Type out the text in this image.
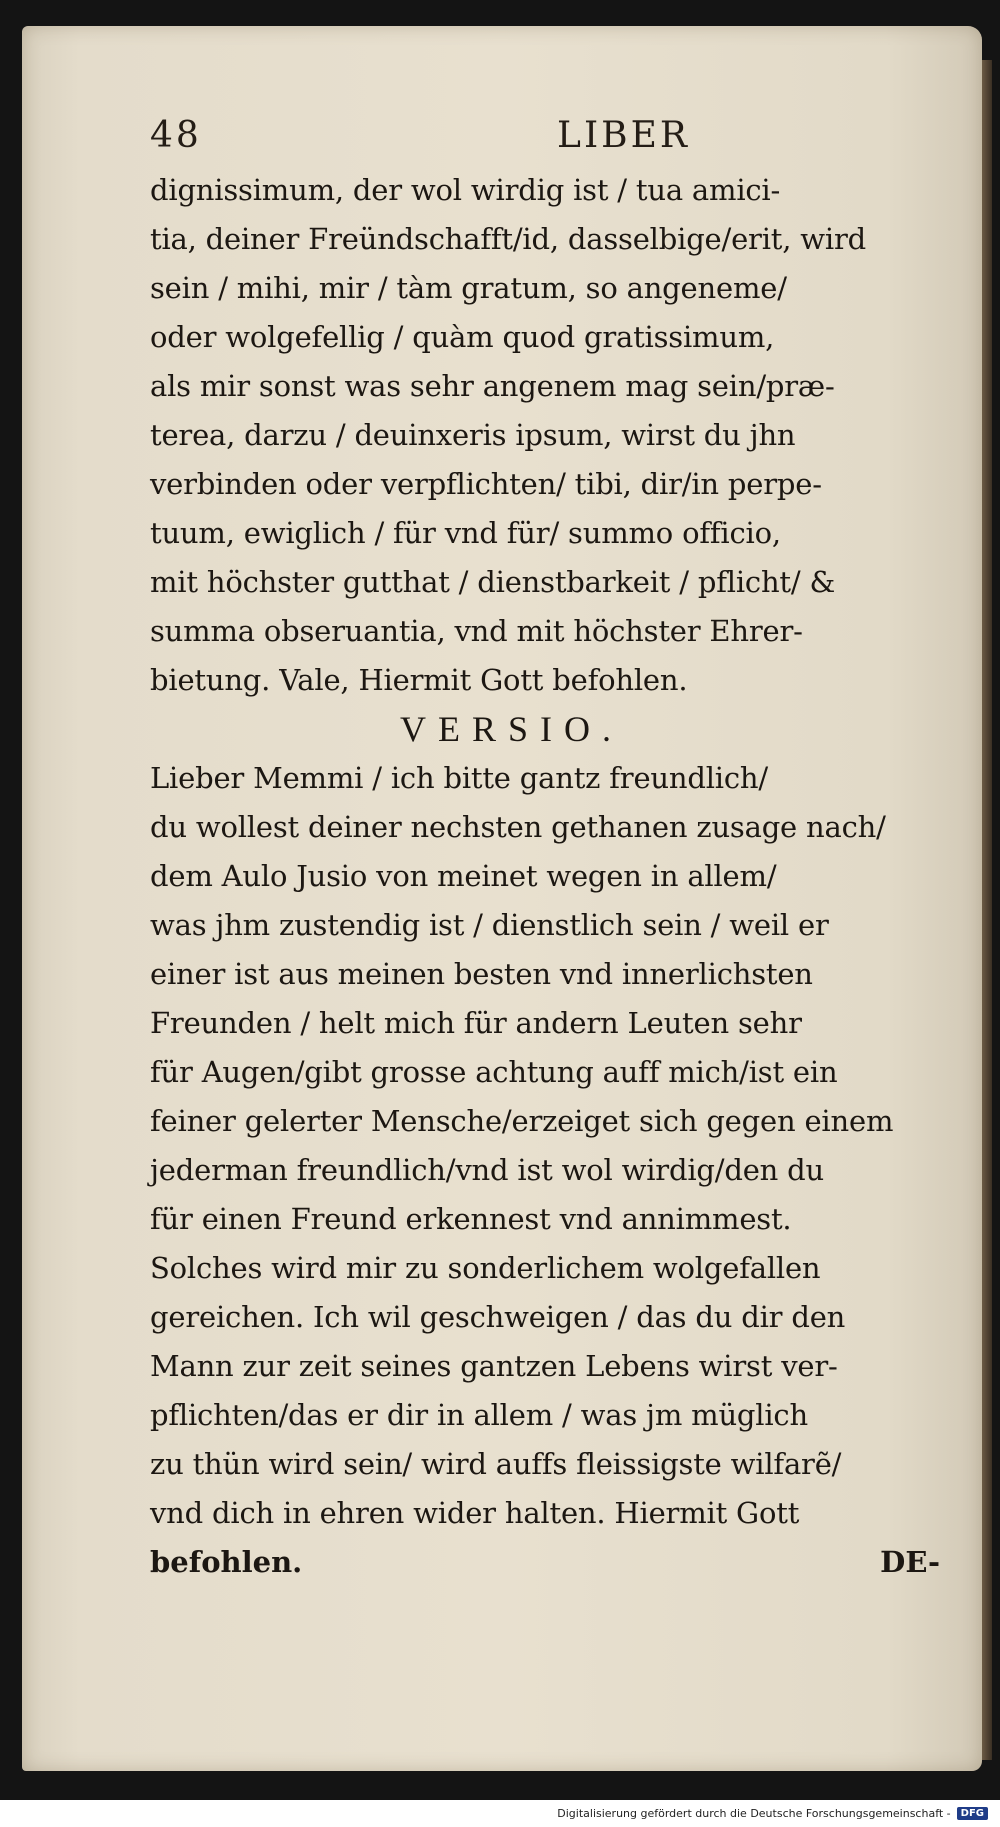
48	LIBER
dignissimum, der wol wirdig ist / tua amici-
tia, deiner Freündschafft/id, dasselbige/erit, wird
sein / mihi, mir / tàm gratum, so angeneme/
oder wolgefellig / quàm quod gratissimum,
als mir sonst was sehr angenem mag sein/præ-
terea, darzu / deuinxeris ipsum, wirst du jhn
verbinden oder verpflichten/ tibi, dir/in perpe-
tuum, ewiglich / für vnd für/ summo officio,
mit höchster gutthat / dienstbarkeit / pflicht/ &
summa obseruantia, vnd mit höchster Ehrer-
bietung. Vale, Hiermit Gott befohlen.
VERSIO.
Lieber Memmi / ich bitte gantz freundlich/
du wollest deiner nechsten gethanen zusage nach/
dem Aulo Jusio von meinet wegen in allem/
was jhm zustendig ist / dienstlich sein / weil er
einer ist aus meinen besten vnd innerlichsten
Freunden / helt mich für andern Leuten sehr
für Augen/gibt grosse achtung auff mich/ist ein
feiner gelerter Mensche/erzeiget sich gegen einem
jederman freundlich/vnd ist wol wirdig/den du
für einen Freund erkennest vnd annimmest.
Solches wird mir zu sonderlichem wolgefallen
gereichen. Ich wil geschweigen / das du dir den
Mann zur zeit seines gantzen Lebens wirst ver-
pflichten/das er dir in allem / was jm müglich
zu thün wird sein/ wird auffs fleissigste wilfarẽ/
vnd dich in ehren wider halten. Hiermit Gott
befohlen.	DE-
Digitalisierung gefördert durch die Deutsche Forschungsgemeinschaft -	DFG
